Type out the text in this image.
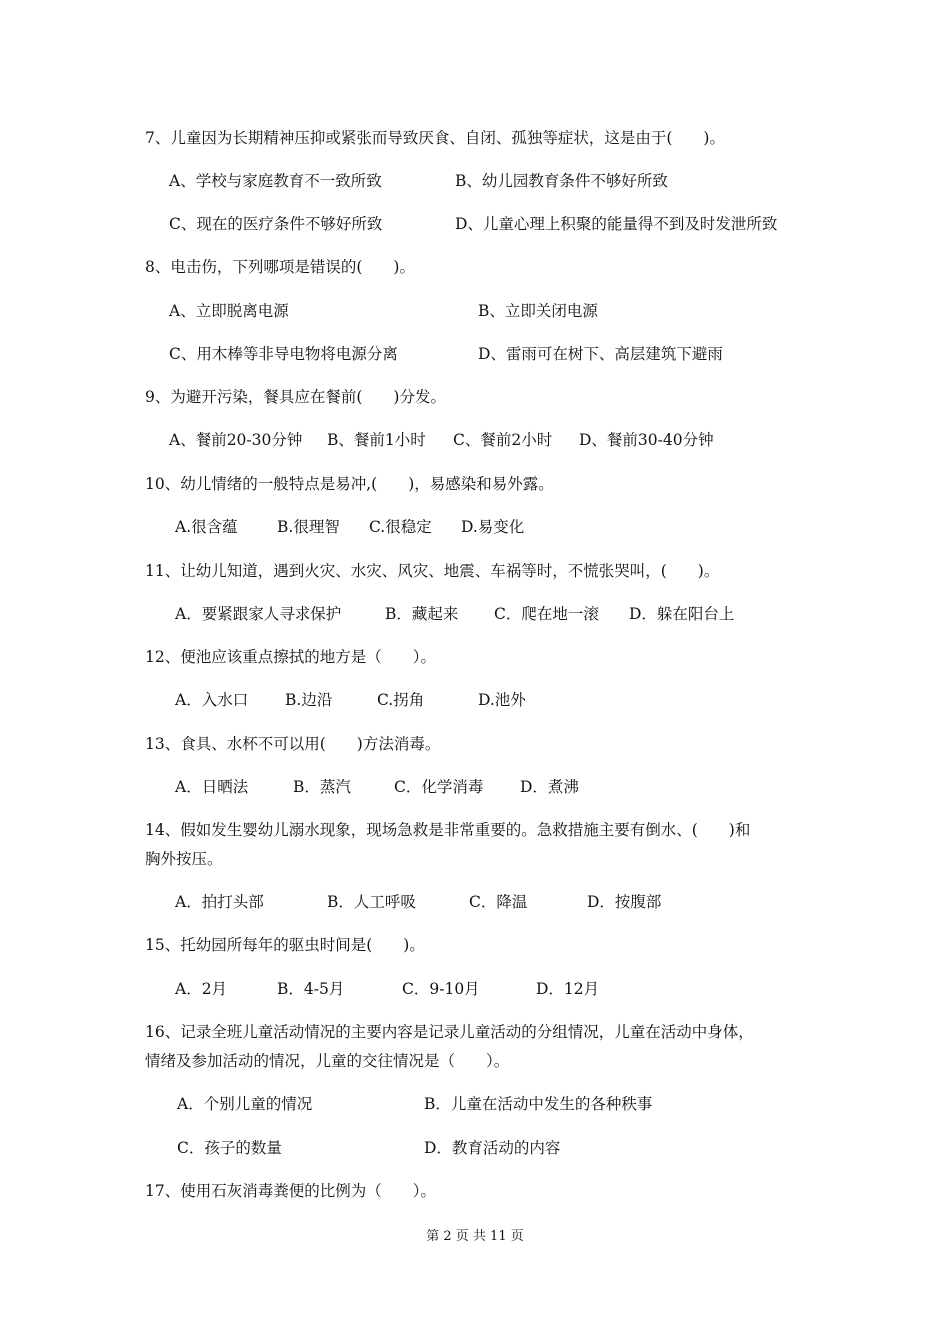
7、儿童因为长期精神压抑或紧张而导致厌食、自闭、孤独等症状，这是由于(　　)。
A、学校与家庭教育不一致所致	B、幼儿园教育条件不够好所致
C、现在的医疗条件不够好所致	D、儿童心理上积聚的能量得不到及时发泄所致
8、电击伤，下列哪项是错误的(　　)。
A、立即脱离电源	B、立即关闭电源
C、用木棒等非导电物将电源分离	D、雷雨可在树下、高层建筑下避雨
9、为避开污染，餐具应在餐前(　　)分发。
A、餐前20-30分钟 B、餐前1小时 C、餐前2小时 D、餐前30-40分钟
10、幼儿情绪的一般特点是易冲,(　　)，易感染和易外露。
A.很含蕴	B.很理智 C.很稳定 D.易变化
11、让幼儿知道，遇到火灾、水灾、风灾、地震、车祸等时，不慌张哭叫，(　　)。
A．要紧跟家人寻求保护	B．藏起来 C．爬在地一滚 D．躲在阳台上
12、便池应该重点擦拭的地方是（　　）。
A．入水口 B.边沿	C.拐角	D.池外
13、食具、水杯不可以用(　　)方法消毒。
A．日晒法	B．蒸汽	C．化学消毒 D．煮沸
14、假如发生婴幼儿溺水现象，现场急救是非常重要的。急救措施主要有倒水、(　　)和
胸外按压。
A．拍打头部	B．人工呼吸	C．降温	D．按腹部
15、托幼园所每年的驱虫时间是(　　)。
A．2月	B．4-5月	C．9-10月	D．12月
16、记录全班儿童活动情况的主要内容是记录儿童活动的分组情况，儿童在活动中身体，
情绪及参加活动的情况，儿童的交往情况是（　　）。
A．个别儿童的情况	B．儿童在活动中发生的各种秩事
C．孩子的数量	D．教育活动的内容
17、使用石灰消毒粪便的比例为（　　）。
第 2 页 共 11 页
